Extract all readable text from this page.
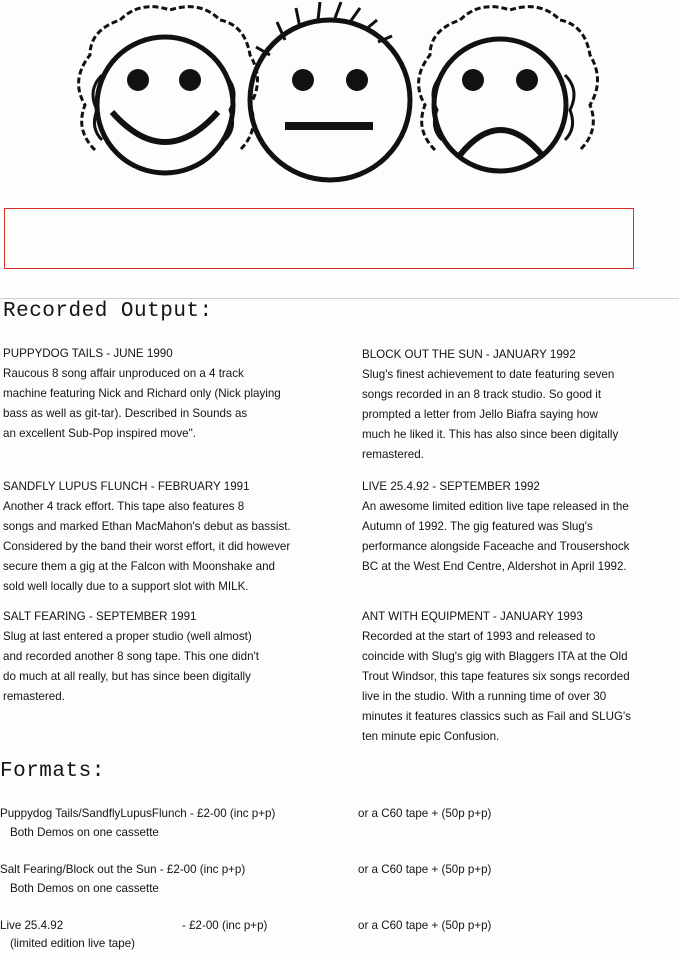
Recorded Output:
PUPPYDOG TAILS - JUNE 1990
Raucous 8 song affair unproduced on a 4 track
machine featuring Nick and Richard only (Nick playing
bass as well as git-tar). Described in Sounds as
an excellent Sub-Pop inspired move".
SANDFLY LUPUS FLUNCH - FEBRUARY 1991
Another 4 track effort. This tape also features 8
songs and marked Ethan MacMahon's debut as bassist.
Considered by the band their worst effort, it did however
secure them a gig at the Falcon with Moonshake and
sold well locally due to a support slot with MILK.
SALT FEARING - SEPTEMBER 1991
Slug at last entered a proper studio (well almost)
and recorded another 8 song tape. This one didn't
do much at all really, but has since been digitally
remastered.
BLOCK OUT THE SUN - JANUARY 1992
Slug's finest achievement to date featuring seven
songs recorded in an 8 track studio. So good it
prompted a letter from Jello Biafra saying how
much he liked it. This has also since been digitally
remastered.
LIVE 25.4.92 - SEPTEMBER 1992
An awesome limited edition live tape released in the
Autumn of 1992. The gig featured was Slug's
performance alongside Faceache and Trousershock
BC at the West End Centre, Aldershot in April 1992.
ANT WITH EQUIPMENT - JANUARY 1993
Recorded at the start of 1993 and released to
coincide with Slug's gig with Blaggers ITA at the Old
Trout Windsor, this tape features six songs recorded
live in the studio. With a running time of over 30
minutes it features classics such as Fail and SLUG's
ten minute epic Confusion.
Formats:
Puppydog Tails/SandflyLupusFlunch - £2-00 (inc p+p)	or a C60 tape + (50p p+p)
Both Demos on one cassette
Salt Fearing/Block out the Sun - £2-00 (inc p+p)	or a C60 tape + (50p p+p)
Both Demos on one cassette
Live 25.4.92	- £2-00 (inc p+p)	or a C60 tape + (50p p+p)
(limited edition live tape)
